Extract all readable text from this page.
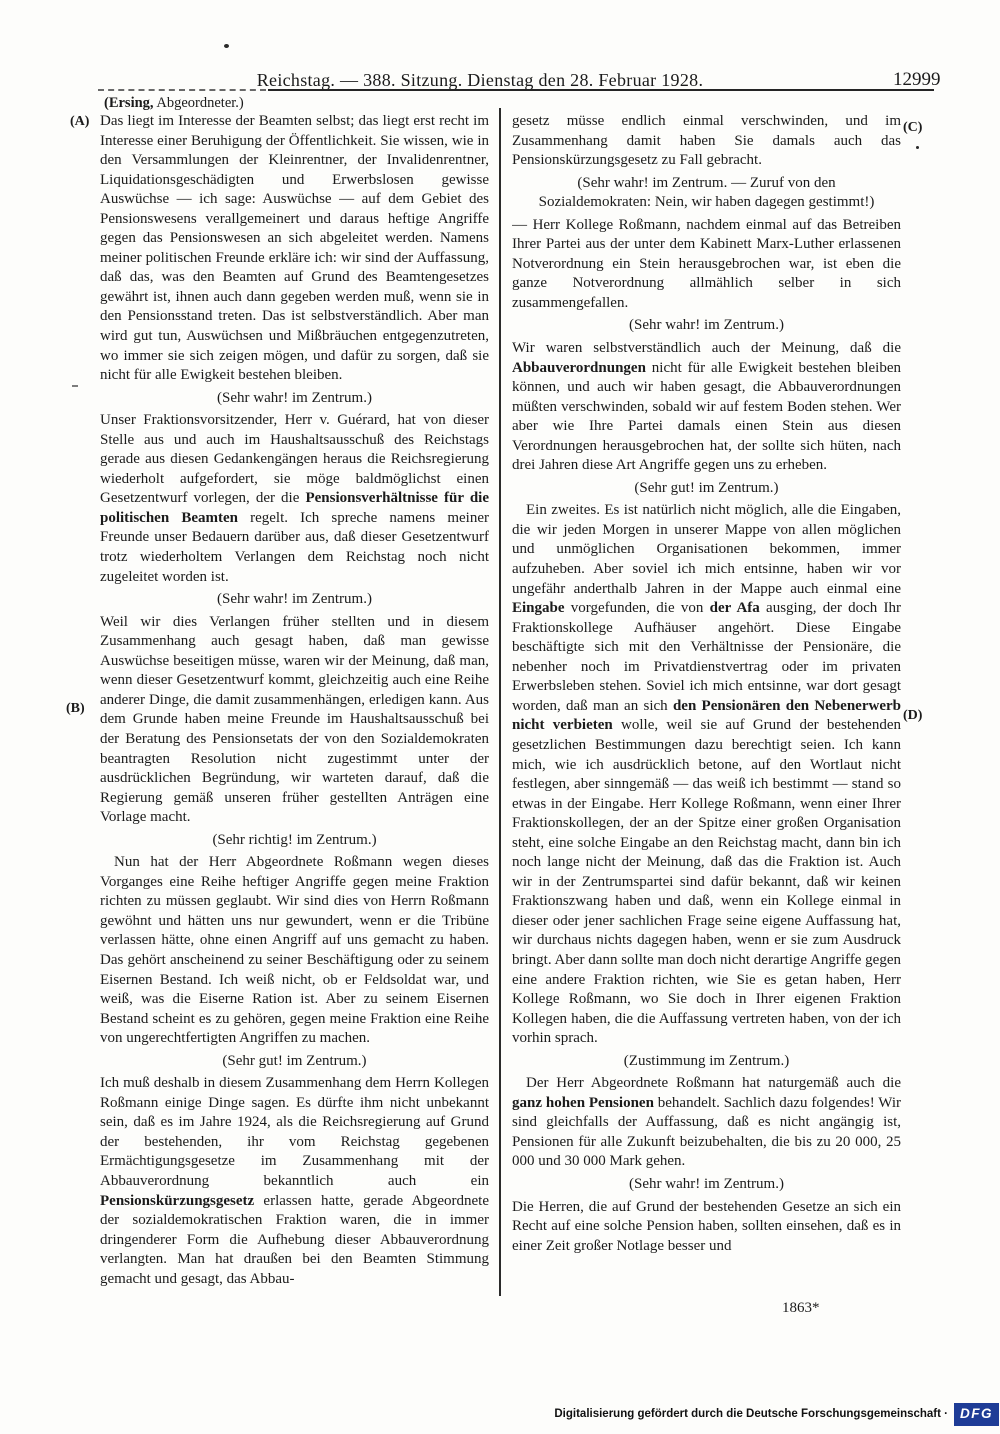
Reichstag. — 388. Sitzung. Dienstag den 28. Februar 1928.	12999
(Ersing, Abgeordneter.)
(A)
(B)
(C)
(D)

Das liegt im Interesse der Beamten selbst; das liegt erst recht im Interesse einer Beruhigung der Öffentlichkeit. Sie wissen, wie in den Versammlungen der Kleinrentner, der Invalidenrentner, Liquidationsgeschädigten und Erwerbslosen gewisse Auswüchse — ich sage: Auswüchse — auf dem Gebiet des Pensionswesens verallgemeinert und daraus heftige Angriffe gegen das Pensionswesen an sich abgeleitet werden. Namens meiner politischen Freunde erkläre ich: wir sind der Auffassung, daß das, was den Beamten auf Grund des Beamtengesetzes gewährt ist, ihnen auch dann gegeben werden muß, wenn sie in den Pensionsstand treten. Das ist selbstverständlich. Aber man wird gut tun, Auswüchsen und Mißbräuchen entgegenzutreten, wo immer sie sich zeigen mögen, und dafür zu sorgen, daß sie nicht für alle Ewigkeit bestehen bleiben.

(Sehr wahr! im Zentrum.)

Unser Fraktionsvorsitzender, Herr v. Guérard, hat von dieser Stelle aus und auch im Haushaltsausschuß des Reichstags gerade aus diesen Gedankengängen heraus die Reichsregierung wiederholt aufgefordert, sie möge baldmöglichst einen Gesetzentwurf vorlegen, der die Pensionsverhältnisse für die politischen Beamten regelt. Ich spreche namens meiner Freunde unser Bedauern darüber aus, daß dieser Gesetzentwurf trotz wiederholtem Verlangen dem Reichstag noch nicht zugeleitet worden ist.

(Sehr wahr! im Zentrum.)

Weil wir dies Verlangen früher stellten und in diesem Zusammenhang auch gesagt haben, daß man gewisse Auswüchse beseitigen müsse, waren wir der Meinung, daß man, wenn dieser Gesetzentwurf kommt, gleichzeitig auch eine Reihe anderer Dinge, die damit zusammenhängen, erledigen kann. Aus dem Grunde haben meine Freunde im Haushaltsausschuß bei der Beratung des Pensionsetats der von den Sozialdemokraten beantragten Resolution nicht zugestimmt unter der ausdrücklichen Begründung, wir warteten darauf, daß die Regierung gemäß unseren früher gestellten Anträgen eine Vorlage macht.

(Sehr richtig! im Zentrum.)

Nun hat der Herr Abgeordnete Roßmann wegen dieses Vorganges eine Reihe heftiger Angriffe gegen meine Fraktion richten zu müssen geglaubt. Wir sind dies von Herrn Roßmann gewöhnt und hätten uns nur gewundert, wenn er die Tribüne verlassen hätte, ohne einen Angriff auf uns gemacht zu haben. Das gehört anscheinend zu seiner Beschäftigung oder zu seinem Eisernen Bestand. Ich weiß nicht, ob er Feldsoldat war, und weiß, was die Eiserne Ration ist. Aber zu seinem Eisernen Bestand scheint es zu gehören, gegen meine Fraktion eine Reihe von ungerechtfertigten Angriffen zu machen.

(Sehr gut! im Zentrum.)

Ich muß deshalb in diesem Zusammenhang dem Herrn Kollegen Roßmann einige Dinge sagen. Es dürfte ihm nicht unbekannt sein, daß es im Jahre 1924, als die Reichsregierung auf Grund der bestehenden, ihr vom Reichstag gegebenen Ermächtigungsgesetze im Zusammenhang mit der Abbauverordnung bekanntlich auch ein Pensionskürzungsgesetz erlassen hatte, gerade Abgeordnete der sozialdemokratischen Fraktion waren, die in immer dringenderer Form die Aufhebung dieser Abbauverordnung verlangten. Man hat draußen bei den Beamten Stimmung gemacht und gesagt, das Abbau-

gesetz müsse endlich einmal verschwinden, und im Zusammenhang damit haben Sie damals auch das Pensionskürzungsgesetz zu Fall gebracht.

(Sehr wahr! im Zentrum. — Zuruf von den Sozialdemokraten: Nein, wir haben dagegen gestimmt!)

— Herr Kollege Roßmann, nachdem einmal auf das Betreiben Ihrer Partei aus der unter dem Kabinett Marx-Luther erlassenen Notverordnung ein Stein herausgebrochen war, ist eben die ganze Notverordnung allmählich selber in sich zusammengefallen.

(Sehr wahr! im Zentrum.)

Wir waren selbstverständlich auch der Meinung, daß die Abbauverordnungen nicht für alle Ewigkeit bestehen bleiben können, und auch wir haben gesagt, die Abbauverordnungen müßten verschwinden, sobald wir auf festem Boden stehen. Wer aber wie Ihre Partei damals einen Stein aus diesen Verordnungen herausgebrochen hat, der sollte sich hüten, nach drei Jahren diese Art Angriffe gegen uns zu erheben.

(Sehr gut! im Zentrum.)

Ein zweites. Es ist natürlich nicht möglich, alle die Eingaben, die wir jeden Morgen in unserer Mappe von allen möglichen und unmöglichen Organisationen bekommen, immer aufzuheben. Aber soviel ich mich entsinne, haben wir vor ungefähr anderthalb Jahren in der Mappe auch einmal eine Eingabe vorgefunden, die von der Afa ausging, der doch Ihr Fraktionskollege Aufhäuser angehört. Diese Eingabe beschäftigte sich mit den Verhältnisse der Pensionäre, die nebenher noch im Privatdienstvertrag oder im privaten Erwerbsleben stehen. Soviel ich mich entsinne, war dort gesagt worden, daß man an sich den Pensionären den Nebenerwerb nicht verbieten wolle, weil sie auf Grund der bestehenden gesetzlichen Bestimmungen dazu berechtigt seien. Ich kann mich, wie ich ausdrücklich betone, auf den Wortlaut nicht festlegen, aber sinngemäß — das weiß ich bestimmt — stand so etwas in der Eingabe. Herr Kollege Roßmann, wenn einer Ihrer Fraktionskollegen, der an der Spitze einer großen Organisation steht, eine solche Eingabe an den Reichstag macht, dann bin ich noch lange nicht der Meinung, daß das die Fraktion ist. Auch wir in der Zentrumspartei sind dafür bekannt, daß wir keinen Fraktionszwang haben und daß, wenn ein Kollege einmal in dieser oder jener sachlichen Frage seine eigene Auffassung hat, wir durchaus nichts dagegen haben, wenn er sie zum Ausdruck bringt. Aber dann sollte man doch nicht derartige Angriffe gegen eine andere Fraktion richten, wie Sie es getan haben, Herr Kollege Roßmann, wo Sie doch in Ihrer eigenen Fraktion Kollegen haben, die die Auffassung vertreten haben, von der ich vorhin sprach.

(Zustimmung im Zentrum.)

Der Herr Abgeordnete Roßmann hat naturgemäß auch die ganz hohen Pensionen behandelt. Sachlich dazu folgendes! Wir sind gleichfalls der Auffassung, daß es nicht angängig ist, Pensionen für alle Zukunft beizubehalten, die bis zu 20 000, 25 000 und 30 000 Mark gehen.

(Sehr wahr! im Zentrum.)

Die Herren, die auf Grund der bestehenden Gesetze an sich ein Recht auf eine solche Pension haben, sollten einsehen, daß es in einer Zeit großer Notlage besser und

1863*
Digitalisierung gefördert durch die Deutsche Forschungsgemeinschaft · DFG
